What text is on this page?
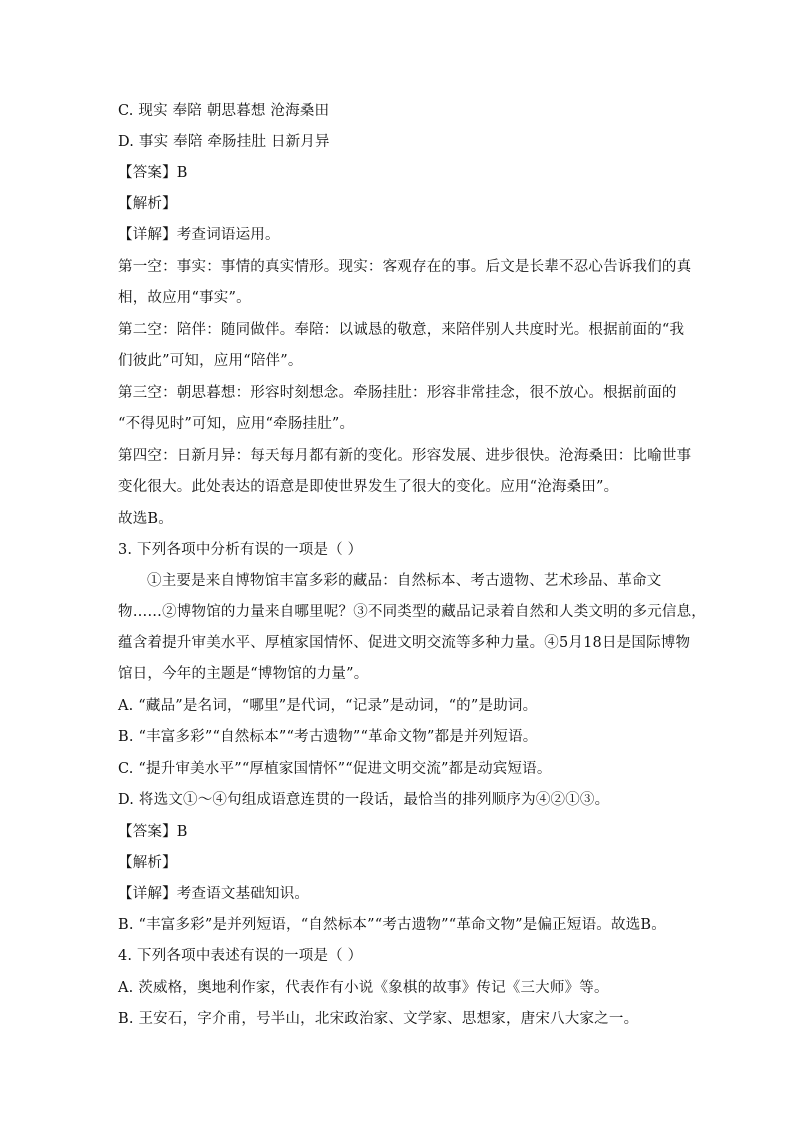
C. 现实 奉陪 朝思暮想 沧海桑田
D. 事实 奉陪 牵肠挂肚 日新月异
【答案】B
【解析】
【详解】考查词语运用。
第一空：事实：事情的真实情形。现实：客观存在的事。后文是长辈不忍心告诉我们的真
相，故应用“事实”。
第二空：陪伴：随同做伴。奉陪：以诚恳的敬意，来陪伴别人共度时光。根据前面的“我
们彼此”可知，应用“陪伴”。
第三空：朝思暮想：形容时刻想念。牵肠挂肚：形容非常挂念，很不放心。根据前面的
“不得见时”可知，应用“牵肠挂肚”。
第四空：日新月异：每天每月都有新的变化。形容发展、进步很快。沧海桑田：比喻世事
变化很大。此处表达的语意是即使世界发生了很大的变化。应用“沧海桑田”。
故选B。
3. 下列各项中分析有误的一项是（ ）
①主要是来自博物馆丰富多彩的藏品：自然标本、考古遗物、艺术珍品、革命文
物……②博物馆的力量来自哪里呢？③不同类型的藏品记录着自然和人类文明的多元信息，
蕴含着提升审美水平、厚植家国情怀、促进文明交流等多种力量。④5月18日是国际博物
馆日，今年的主题是“博物馆的力量”。
A. “藏品”是名词，“哪里”是代词，“记录”是动词，“的”是助词。
B. “丰富多彩”“自然标本”“考古遗物”“革命文物”都是并列短语。
C. “提升审美水平”“厚植家国情怀”“促进文明交流”都是动宾短语。
D. 将选文①～④句组成语意连贯的一段话，最恰当的排列顺序为④②①③。
【答案】B
【解析】
【详解】考查语文基础知识。
B. “丰富多彩”是并列短语，“自然标本”“考古遗物”“革命文物”是偏正短语。故选B。
4. 下列各项中表述有误的一项是（ ）
A. 茨威格，奥地利作家，代表作有小说《象棋的故事》传记《三大师》等。
B. 王安石，字介甫，号半山，北宋政治家、文学家、思想家，唐宋八大家之一。
